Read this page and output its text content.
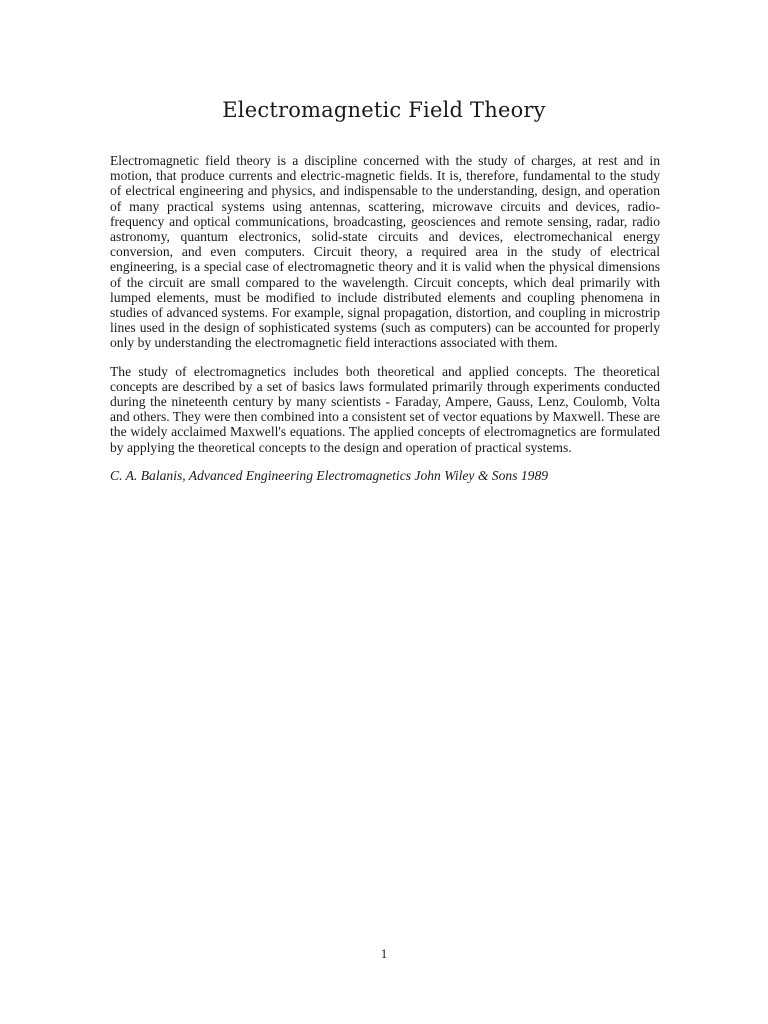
Electromagnetic Field Theory

Electromagnetic field theory is a discipline concerned with the study of charges, at rest and in motion, that produce currents and electric-magnetic fields. It is, therefore, fundamental to the study of electrical engineering and physics, and indispensable to the understanding, design, and operation of many practical systems using antennas, scattering, microwave circuits and devices, radio-frequency and optical communications, broadcasting, geosciences and remote sensing, radar, radio astronomy, quantum electronics, solid-state circuits and devices, electromechanical energy conversion, and even computers. Circuit theory, a required area in the study of electrical engineering, is a special case of electromagnetic theory and it is valid when the physical dimensions of the circuit are small compared to the wavelength. Circuit concepts, which deal primarily with lumped elements, must be modified to include distributed elements and coupling phenomena in studies of advanced systems. For example, signal propagation, distortion, and coupling in microstrip lines used in the design of sophisticated systems (such as computers) can be accounted for properly only by understanding the electromagnetic field interactions associated with them.

The study of electromagnetics includes both theoretical and applied concepts. The theoretical concepts are described by a set of basics laws formulated primarily through experiments conducted during the nineteenth century by many scientists - Faraday, Ampere, Gauss, Lenz, Coulomb, Volta and others. They were then combined into a consistent set of vector equations by Maxwell. These are the widely acclaimed Maxwell's equations. The applied concepts of electromagnetics are formulated by applying the theoretical concepts to the design and operation of practical systems.

C. A. Balanis, Advanced Engineering Electromagnetics John Wiley & Sons 1989

1
